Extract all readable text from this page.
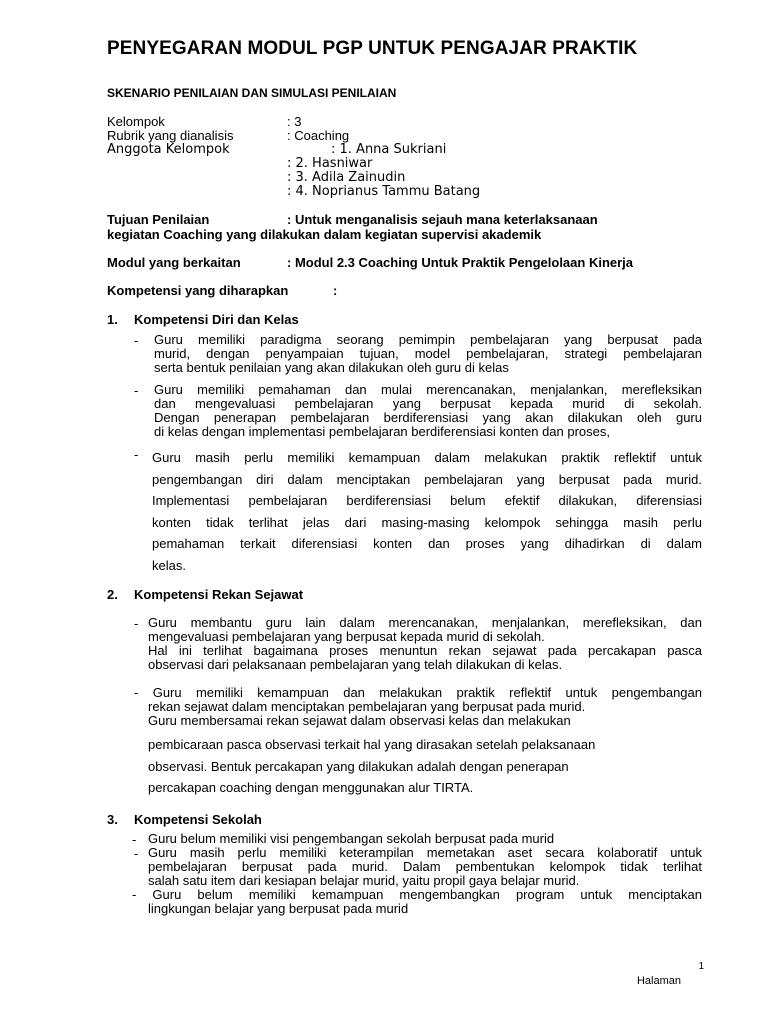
PENYEGARAN MODUL PGP UNTUK PENGAJAR PRAKTIK
SKENARIO PENILAIAN DAN SIMULASI PENILAIAN
Kelompok	: 3
Rubrik yang dianalisis	: Coaching
Anggota Kelompok	: 1. Anna Sukriani
: 2. Hasniwar
: 3. Adila Zainudin
: 4. Noprianus Tammu Batang
Tujuan Penilaian	: Untuk menganalisis sejauh mana keterlaksanaan
kegiatan Coaching yang dilakukan dalam kegiatan supervisi akademik
Modul yang berkaitan	: Modul 2.3 Coaching Untuk Praktik Pengelolaan Kinerja
Kompetensi yang diharapkan	:
1. Kompetensi Diri dan Kelas
- Guru memiliki paradigma seorang pemimpin pembelajaran yang berpusat pada
murid, dengan penyampaian tujuan, model pembelajaran, strategi pembelajaran
serta bentuk penilaian yang akan dilakukan oleh guru di kelas
- Guru memiliki pemahaman dan mulai merencanakan, menjalankan, merefleksikan
dan mengevaluasi pembelajaran yang berpusat kepada murid di sekolah.
Dengan penerapan pembelajaran berdiferensiasi yang akan dilakukan oleh guru
di kelas dengan implementasi pembelajaran berdiferensiasi konten dan proses,
- Guru masih perlu memiliki kemampuan dalam melakukan praktik reflektif untuk
pengembangan diri dalam menciptakan pembelajaran yang berpusat pada murid.
Implementasi pembelajaran berdiferensiasi belum efektif dilakukan, diferensiasi
konten tidak terlihat jelas dari masing-masing kelompok sehingga masih perlu
pemahaman terkait diferensiasi konten dan proses yang dihadirkan di dalam
kelas.
2. Kompetensi Rekan Sejawat
- Guru membantu guru lain dalam merencanakan, menjalankan, merefleksikan, dan
mengevaluasi pembelajaran yang berpusat kepada murid di sekolah.
Hal ini terlihat bagaimana proses menuntun rekan sejawat pada percakapan pasca
observasi dari pelaksanaan pembelajaran yang telah dilakukan di kelas.
- Guru memiliki kemampuan dan melakukan praktik reflektif untuk pengembangan
rekan sejawat dalam menciptakan pembelajaran yang berpusat pada murid.
Guru membersamai rekan sejawat dalam observasi kelas dan melakukan
pembicaraan pasca observasi terkait hal yang dirasakan setelah pelaksanaan
observasi. Bentuk percakapan yang dilakukan adalah dengan penerapan
percakapan coaching dengan menggunakan alur TIRTA.
3. Kompetensi Sekolah
- Guru belum memiliki visi pengembangan sekolah berpusat pada murid
- Guru masih perlu memiliki keterampilan memetakan aset secara kolaboratif untuk
pembelajaran berpusat pada murid. Dalam pembentukan kelompok tidak terlihat
salah satu item dari kesiapan belajar murid, yaitu propil gaya belajar murid.
- Guru belum memiliki kemampuan mengembangkan program untuk menciptakan
lingkungan belajar yang berpusat pada murid
1
Halaman
